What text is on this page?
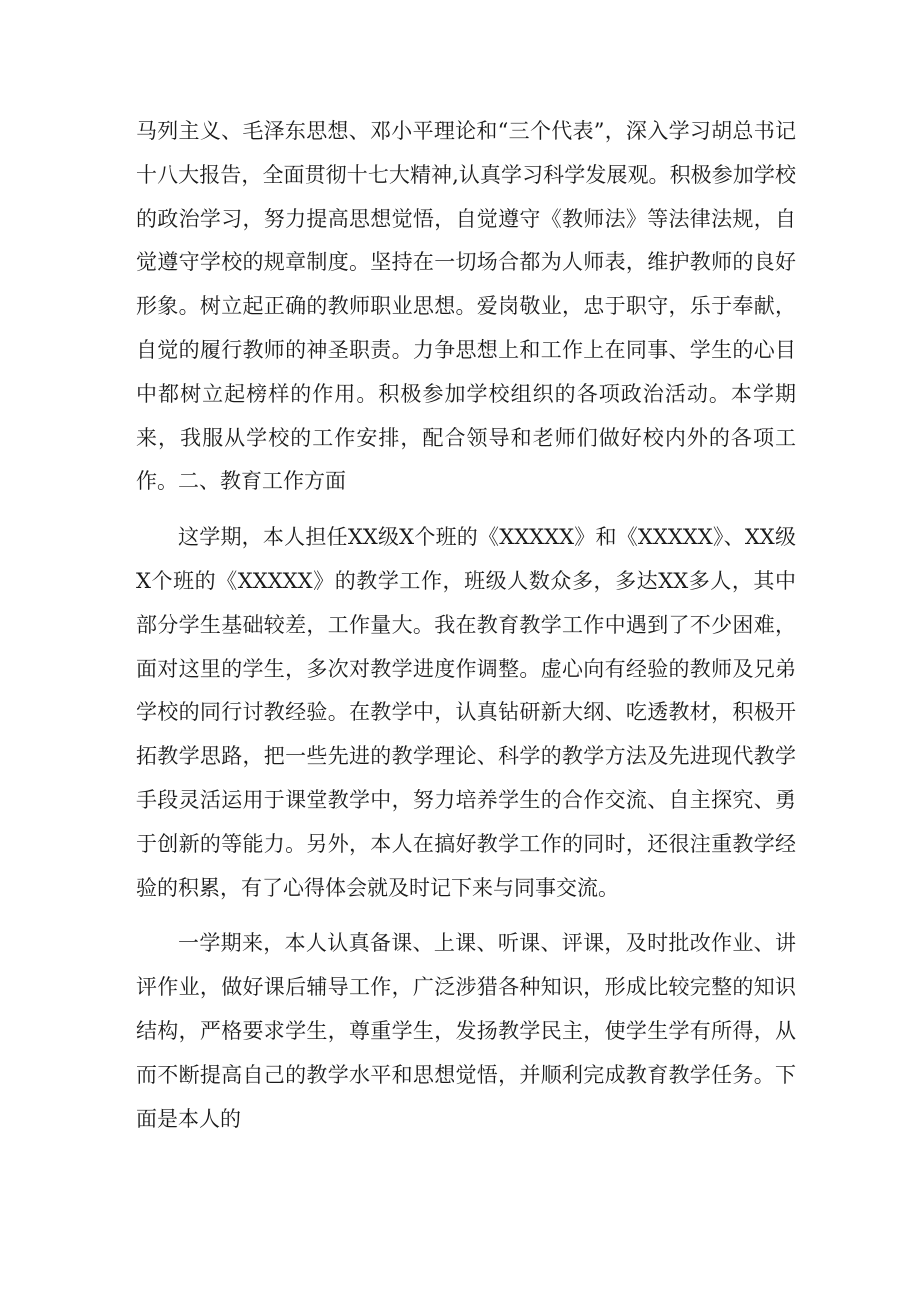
马列主义、毛泽东思想、邓小平理论和“三个代表”，深入学习胡总书记十八大报告，全面贯彻十七大精神,认真学习科学发展观。积极参加学校的政治学习，努力提高思想觉悟，自觉遵守《教师法》等法律法规，自觉遵守学校的规章制度。坚持在一切场合都为人师表，维护教师的良好形象。树立起正确的教师职业思想。爱岗敬业，忠于职守，乐于奉献，自觉的履行教师的神圣职责。力争思想上和工作上在同事、学生的心目中都树立起榜样的作用。积极参加学校组织的各项政治活动。本学期来，我服从学校的工作安排，配合领导和老师们做好校内外的各项工作。二、教育工作方面

这学期，本人担任XX级X个班的《XXXXX》和《XXXXX》、XX级X个班的《XXXXX》的教学工作，班级人数众多，多达XX多人，其中部分学生基础较差，工作量大。我在教育教学工作中遇到了不少困难，面对这里的学生，多次对教学进度作调整。虚心向有经验的教师及兄弟学校的同行讨教经验。在教学中，认真钻研新大纲、吃透教材，积极开拓教学思路，把一些先进的教学理论、科学的教学方法及先进现代教学手段灵活运用于课堂教学中，努力培养学生的合作交流、自主探究、勇于创新的等能力。另外，本人在搞好教学工作的同时，还很注重教学经验的积累，有了心得体会就及时记下来与同事交流。

一学期来，本人认真备课、上课、听课、评课，及时批改作业、讲评作业，做好课后辅导工作，广泛涉猎各种知识，形成比较完整的知识结构，严格要求学生，尊重学生，发扬教学民主，使学生学有所得，从而不断提高自己的教学水平和思想觉悟，并顺利完成教育教学任务。下面是本人的
